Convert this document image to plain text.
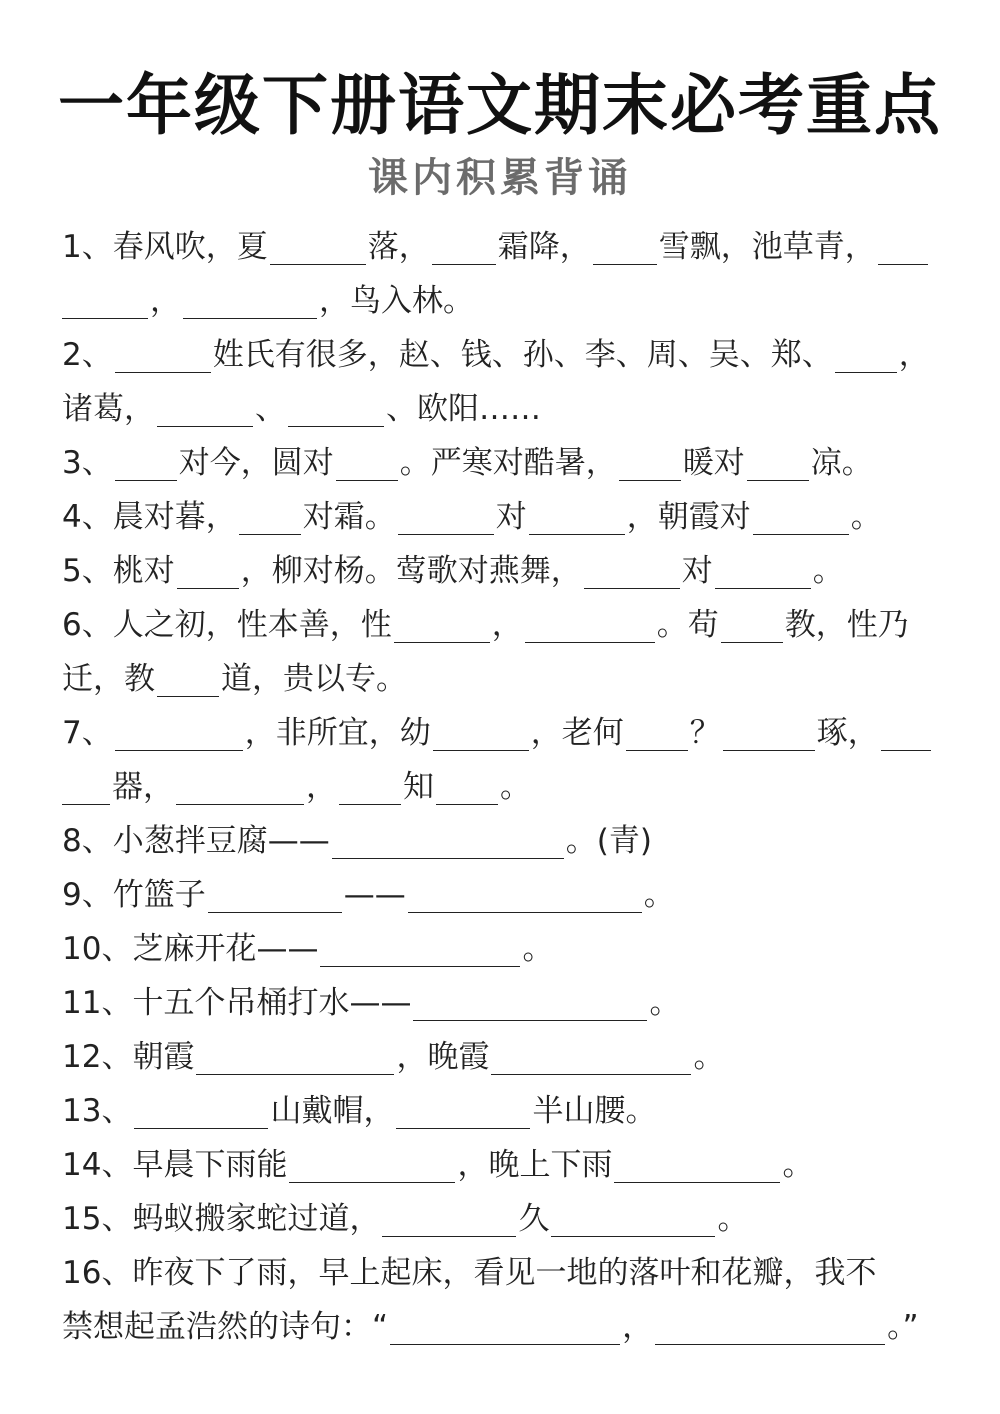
一年级下册语文期末必考重点
课内积累背诵
1、春风吹，夏	落， 霜降， 雪飘，池草青，
，	，鸟入林。
2、	姓氏有很多，赵、钱、孙、李、周、吴、郑、 ，
诸葛，	、	、欧阳……
3、 对今，圆对 。严寒对酷暑， 暖对 凉。
4、晨对暮， 对霜。	对	，朝霞对	。
5、桃对 ，柳对杨。莺歌对燕舞，	对	。
6、人之初，性本善，性	，	。苟 教，性乃
迁，教 道，贵以专。
7、	，非所宜，幼	，老何 ？	琢，
器，	， 知 。
8、小葱拌豆腐——	。(青)
9、竹篮子	——	。
10、芝麻开花——	。
11、十五个吊桶打水——	。
12、朝霞	，晚霞	。
13、	山戴帽，	半山腰。
14、早晨下雨能	，晚上下雨	。
15、蚂蚁搬家蛇过道，	久	。
16、昨夜下了雨，早上起床，看见一地的落叶和花瓣，我不
禁想起孟浩然的诗句：“	，	。”
